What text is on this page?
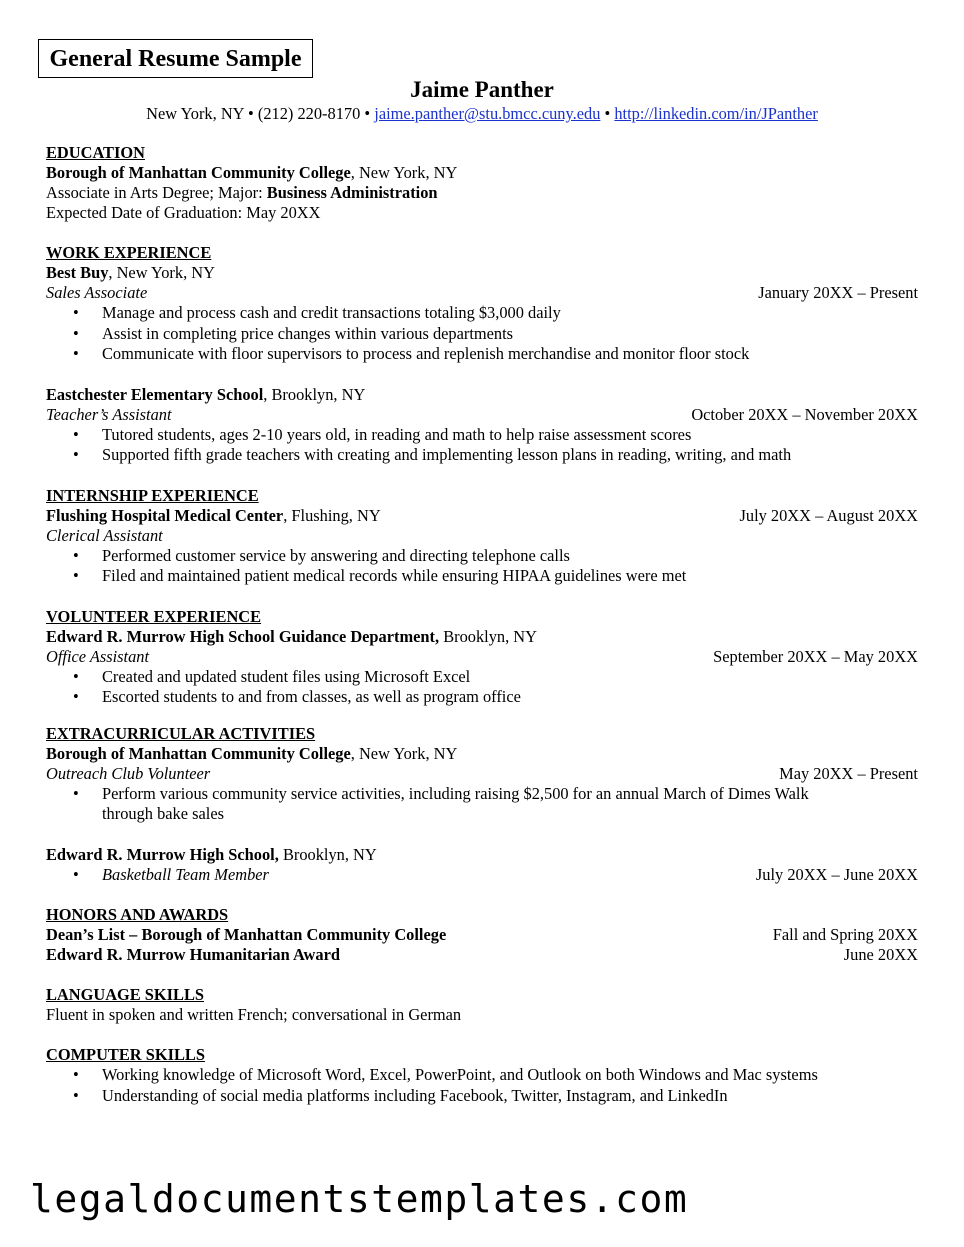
General Resume Sample
Jaime Panther
New York, NY • (212) 220-8170 • jaime.panther@stu.bmcc.cuny.edu • http://linkedin.com/in/JPanther
EDUCATION
Borough of Manhattan Community College, New York, NY
Associate in Arts Degree; Major: Business Administration
Expected Date of Graduation: May 20XX
WORK EXPERIENCE
Best Buy, New York, NY
Sales Associate	January 20XX – Present
• Manage and process cash and credit transactions totaling $3,000 daily
• Assist in completing price changes within various departments
• Communicate with floor supervisors to process and replenish merchandise and monitor floor stock
Eastchester Elementary School, Brooklyn, NY
Teacher’s Assistant	October 20XX – November 20XX
• Tutored students, ages 2-10 years old, in reading and math to help raise assessment scores
• Supported fifth grade teachers with creating and implementing lesson plans in reading, writing, and math
INTERNSHIP EXPERIENCE
Flushing Hospital Medical Center, Flushing, NY	July 20XX – August 20XX
Clerical Assistant
• Performed customer service by answering and directing telephone calls
• Filed and maintained patient medical records while ensuring HIPAA guidelines were met
VOLUNTEER EXPERIENCE
Edward R. Murrow High School Guidance Department, Brooklyn, NY
Office Assistant	September 20XX – May 20XX
• Created and updated student files using Microsoft Excel
• Escorted students to and from classes, as well as program office
EXTRACURRICULAR ACTIVITIES
Borough of Manhattan Community College, New York, NY
Outreach Club Volunteer	May 20XX – Present
• Perform various community service activities, including raising $2,500 for an annual March of Dimes Walk through bake sales
Edward R. Murrow High School, Brooklyn, NY
• Basketball Team Member	July 20XX – June 20XX
HONORS AND AWARDS
Dean’s List – Borough of Manhattan Community College	Fall and Spring 20XX
Edward R. Murrow Humanitarian Award	June 20XX
LANGUAGE SKILLS
Fluent in spoken and written French; conversational in German
COMPUTER SKILLS
• Working knowledge of Microsoft Word, Excel, PowerPoint, and Outlook on both Windows and Mac systems
• Understanding of social media platforms including Facebook, Twitter, Instagram, and LinkedIn
legaldocumentstemplates.com
